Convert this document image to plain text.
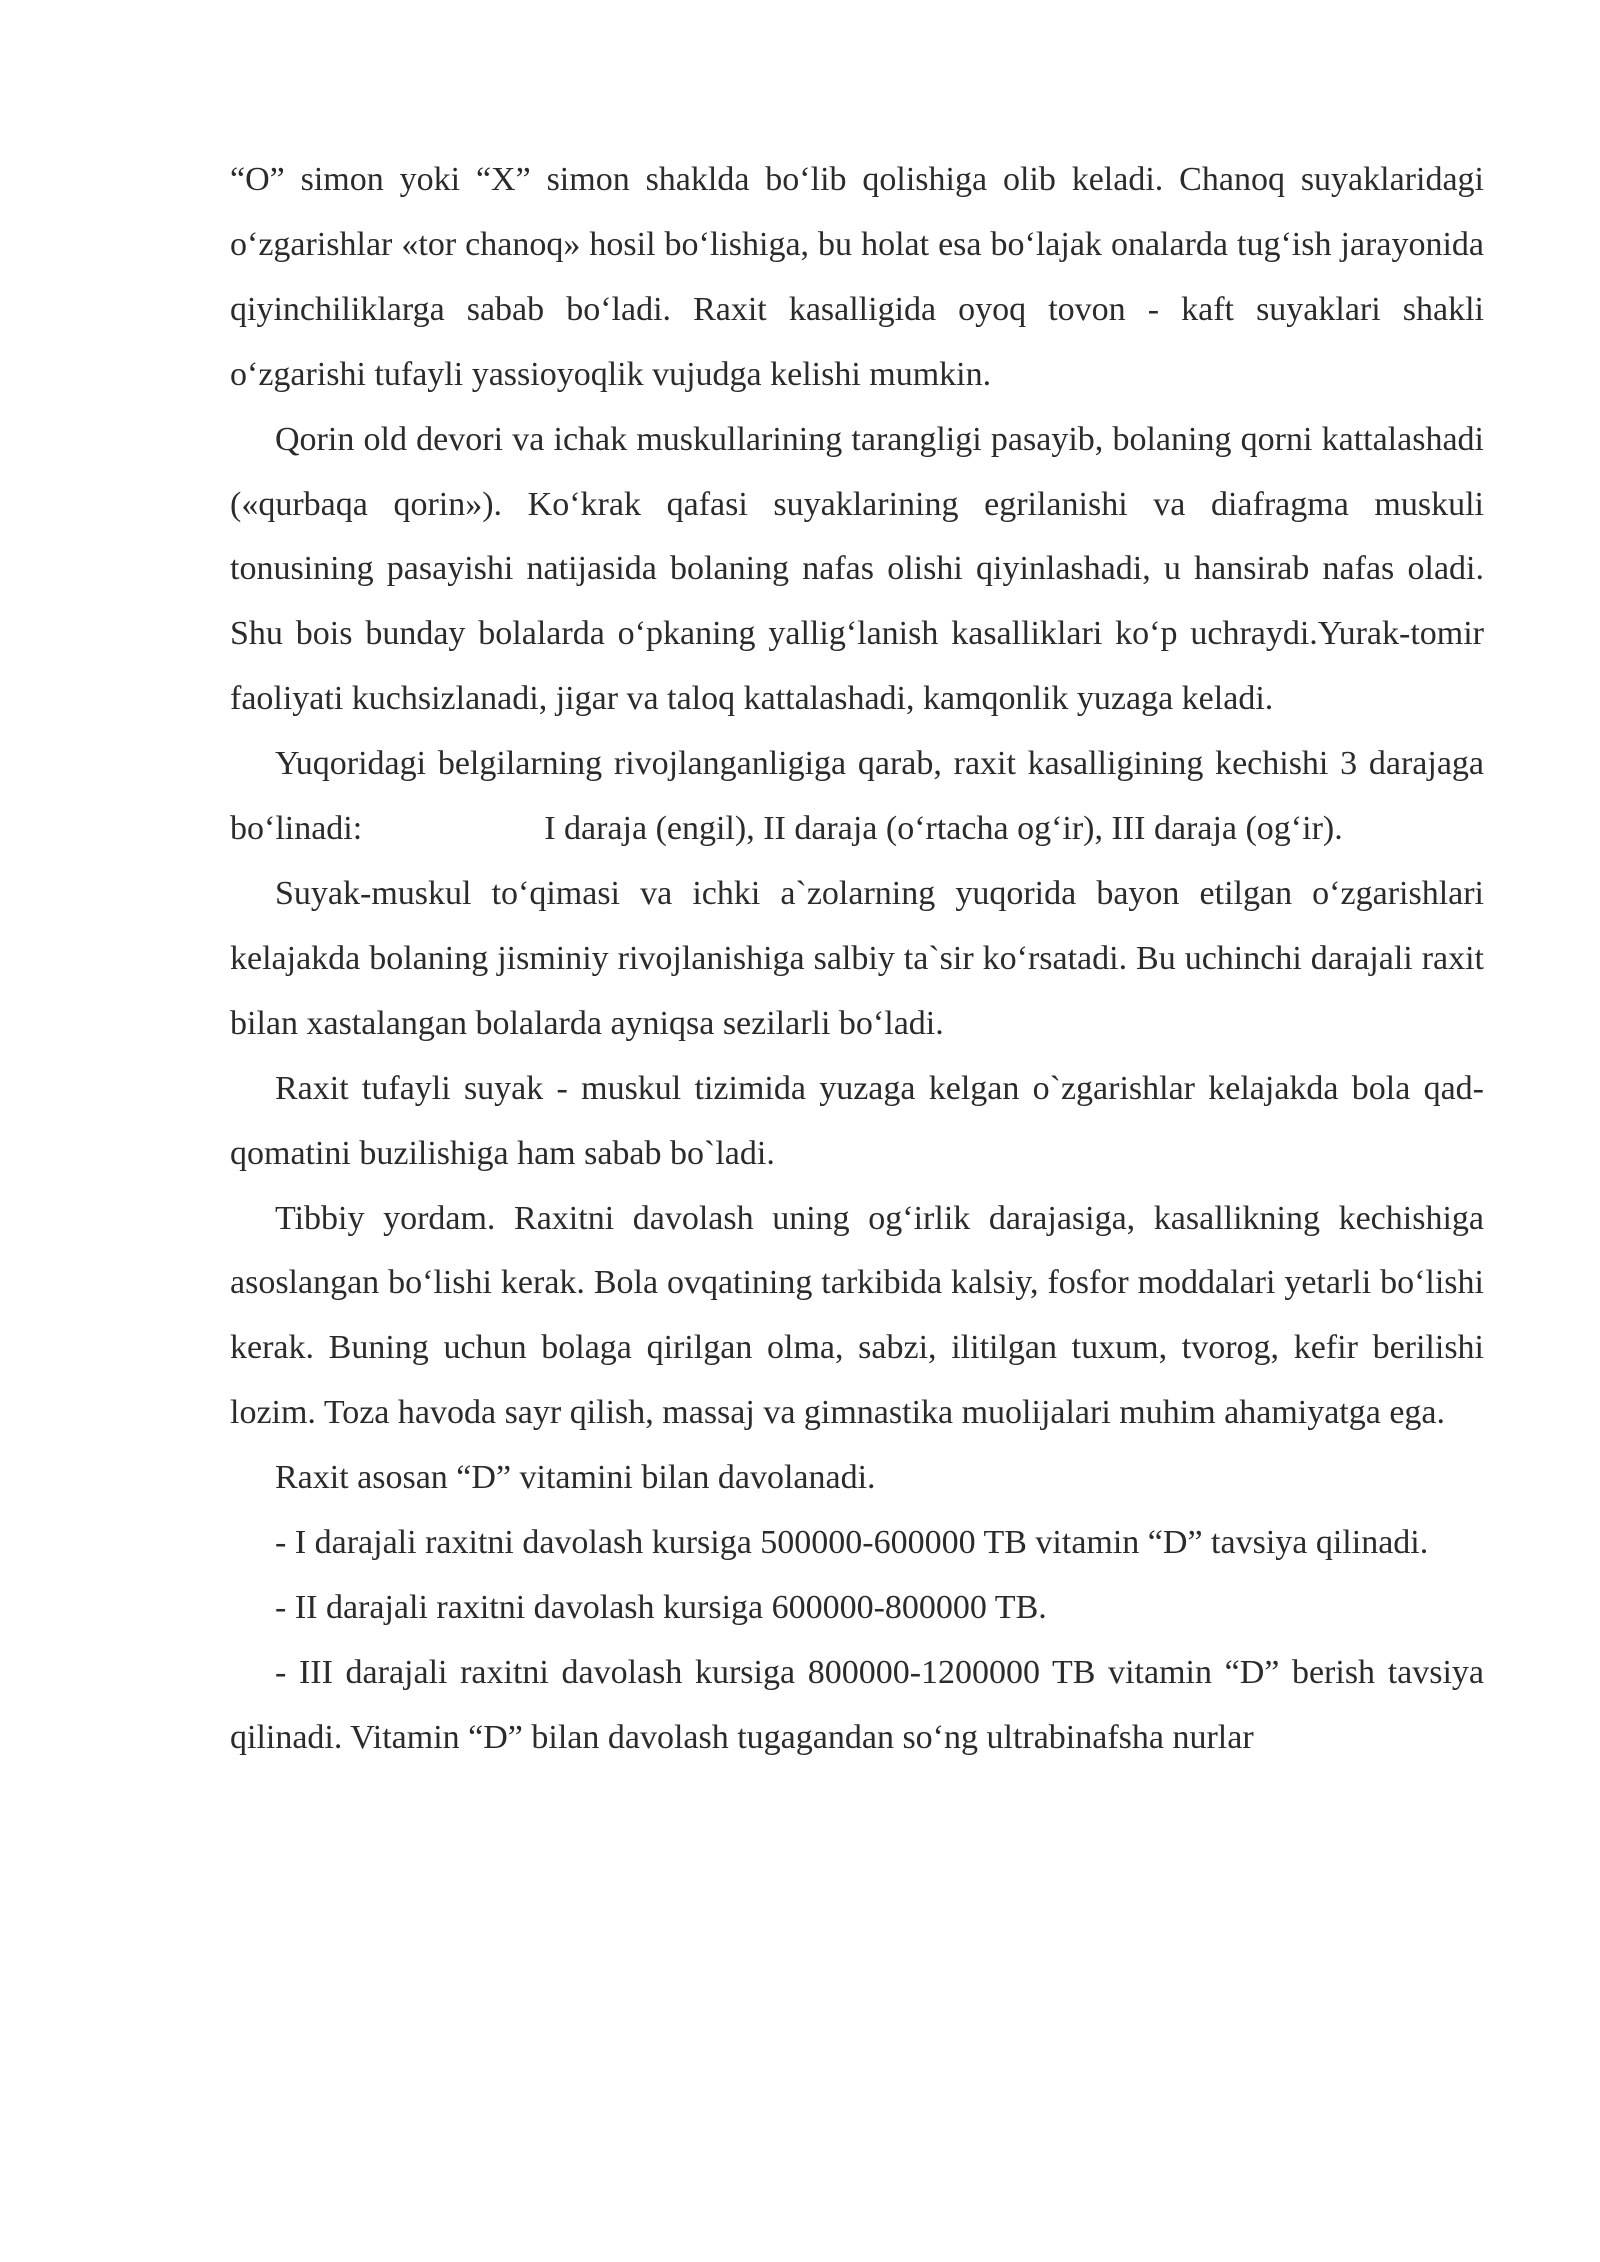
“O” simon yoki “X” simon shaklda bo‘lib qolishiga olib keladi. Chanoq suyaklaridagi o‘zgarishlar «tor chanoq» hosil bo‘lishiga, bu holat esa bo‘lajak onalarda tug‘ish jarayonida qiyinchiliklarga sabab bo‘ladi. Raxit kasalligida oyoq tovon - kaft suyaklari shakli o‘zgarishi tufayli yassioyoqlik vujudga kelishi mumkin.

Qorin old devori va ichak muskullarining tarangligi pasayib, bolaning qorni kattalashadi («qurbaqa qorin»). Ko‘krak qafasi suyaklarining egrilanishi va diafragma muskuli tonusining pasayishi natijasida bolaning nafas olishi qiyinlashadi, u hansirab nafas oladi. Shu bois bunday bolalarda o‘pkaning yallig‘lanish kasalliklari ko‘p uchraydi.Yurak-tomir faoliyati kuchsizlanadi, jigar va taloq kattalashadi, kamqonlik yuzaga keladi.

Yuqoridagi belgilarning rivojlanganligiga qarab, raxit kasalligining kechishi 3 darajaga bo‘linadi:	I daraja (engil), II daraja (o‘rtacha og‘ir), III daraja (og‘ir).

Suyak-muskul to‘qimasi va ichki a`zolarning yuqorida bayon etilgan o‘zgarishlari kelajakda bolaning jisminiy rivojlanishiga salbiy ta`sir ko‘rsatadi. Bu uchinchi darajali raxit bilan xastalangan bolalarda ayniqsa sezilarli bo‘ladi.

Raxit tufayli suyak - muskul tizimida yuzaga kelgan o`zgarishlar kelajakda bola qad-qomatini buzilishiga ham sabab bo`ladi.

Tibbiy yordam. Raxitni davolash uning og‘irlik darajasiga, kasallikning kechishiga asoslangan bo‘lishi kerak. Bola ovqatining tarkibida kalsiy, fosfor moddalari yetarli bo‘lishi kerak. Buning uchun bolaga qirilgan olma, sabzi, ilitilgan tuxum, tvorog, kefir berilishi lozim. Toza havoda sayr qilish, massaj va gimnastika muolijalari muhim ahamiyatga ega.

Raxit asosan “D” vitamini bilan davolanadi.

- I darajali raxitni davolash kursiga 500000-600000 TB vitamin “D” tavsiya qilinadi.

- II darajali raxitni davolash kursiga 600000-800000 TB.

- III darajali raxitni davolash kursiga 800000-1200000 TB vitamin “D” berish tavsiya qilinadi. Vitamin “D” bilan davolash tugagandan so‘ng ultrabinafsha nurlar
